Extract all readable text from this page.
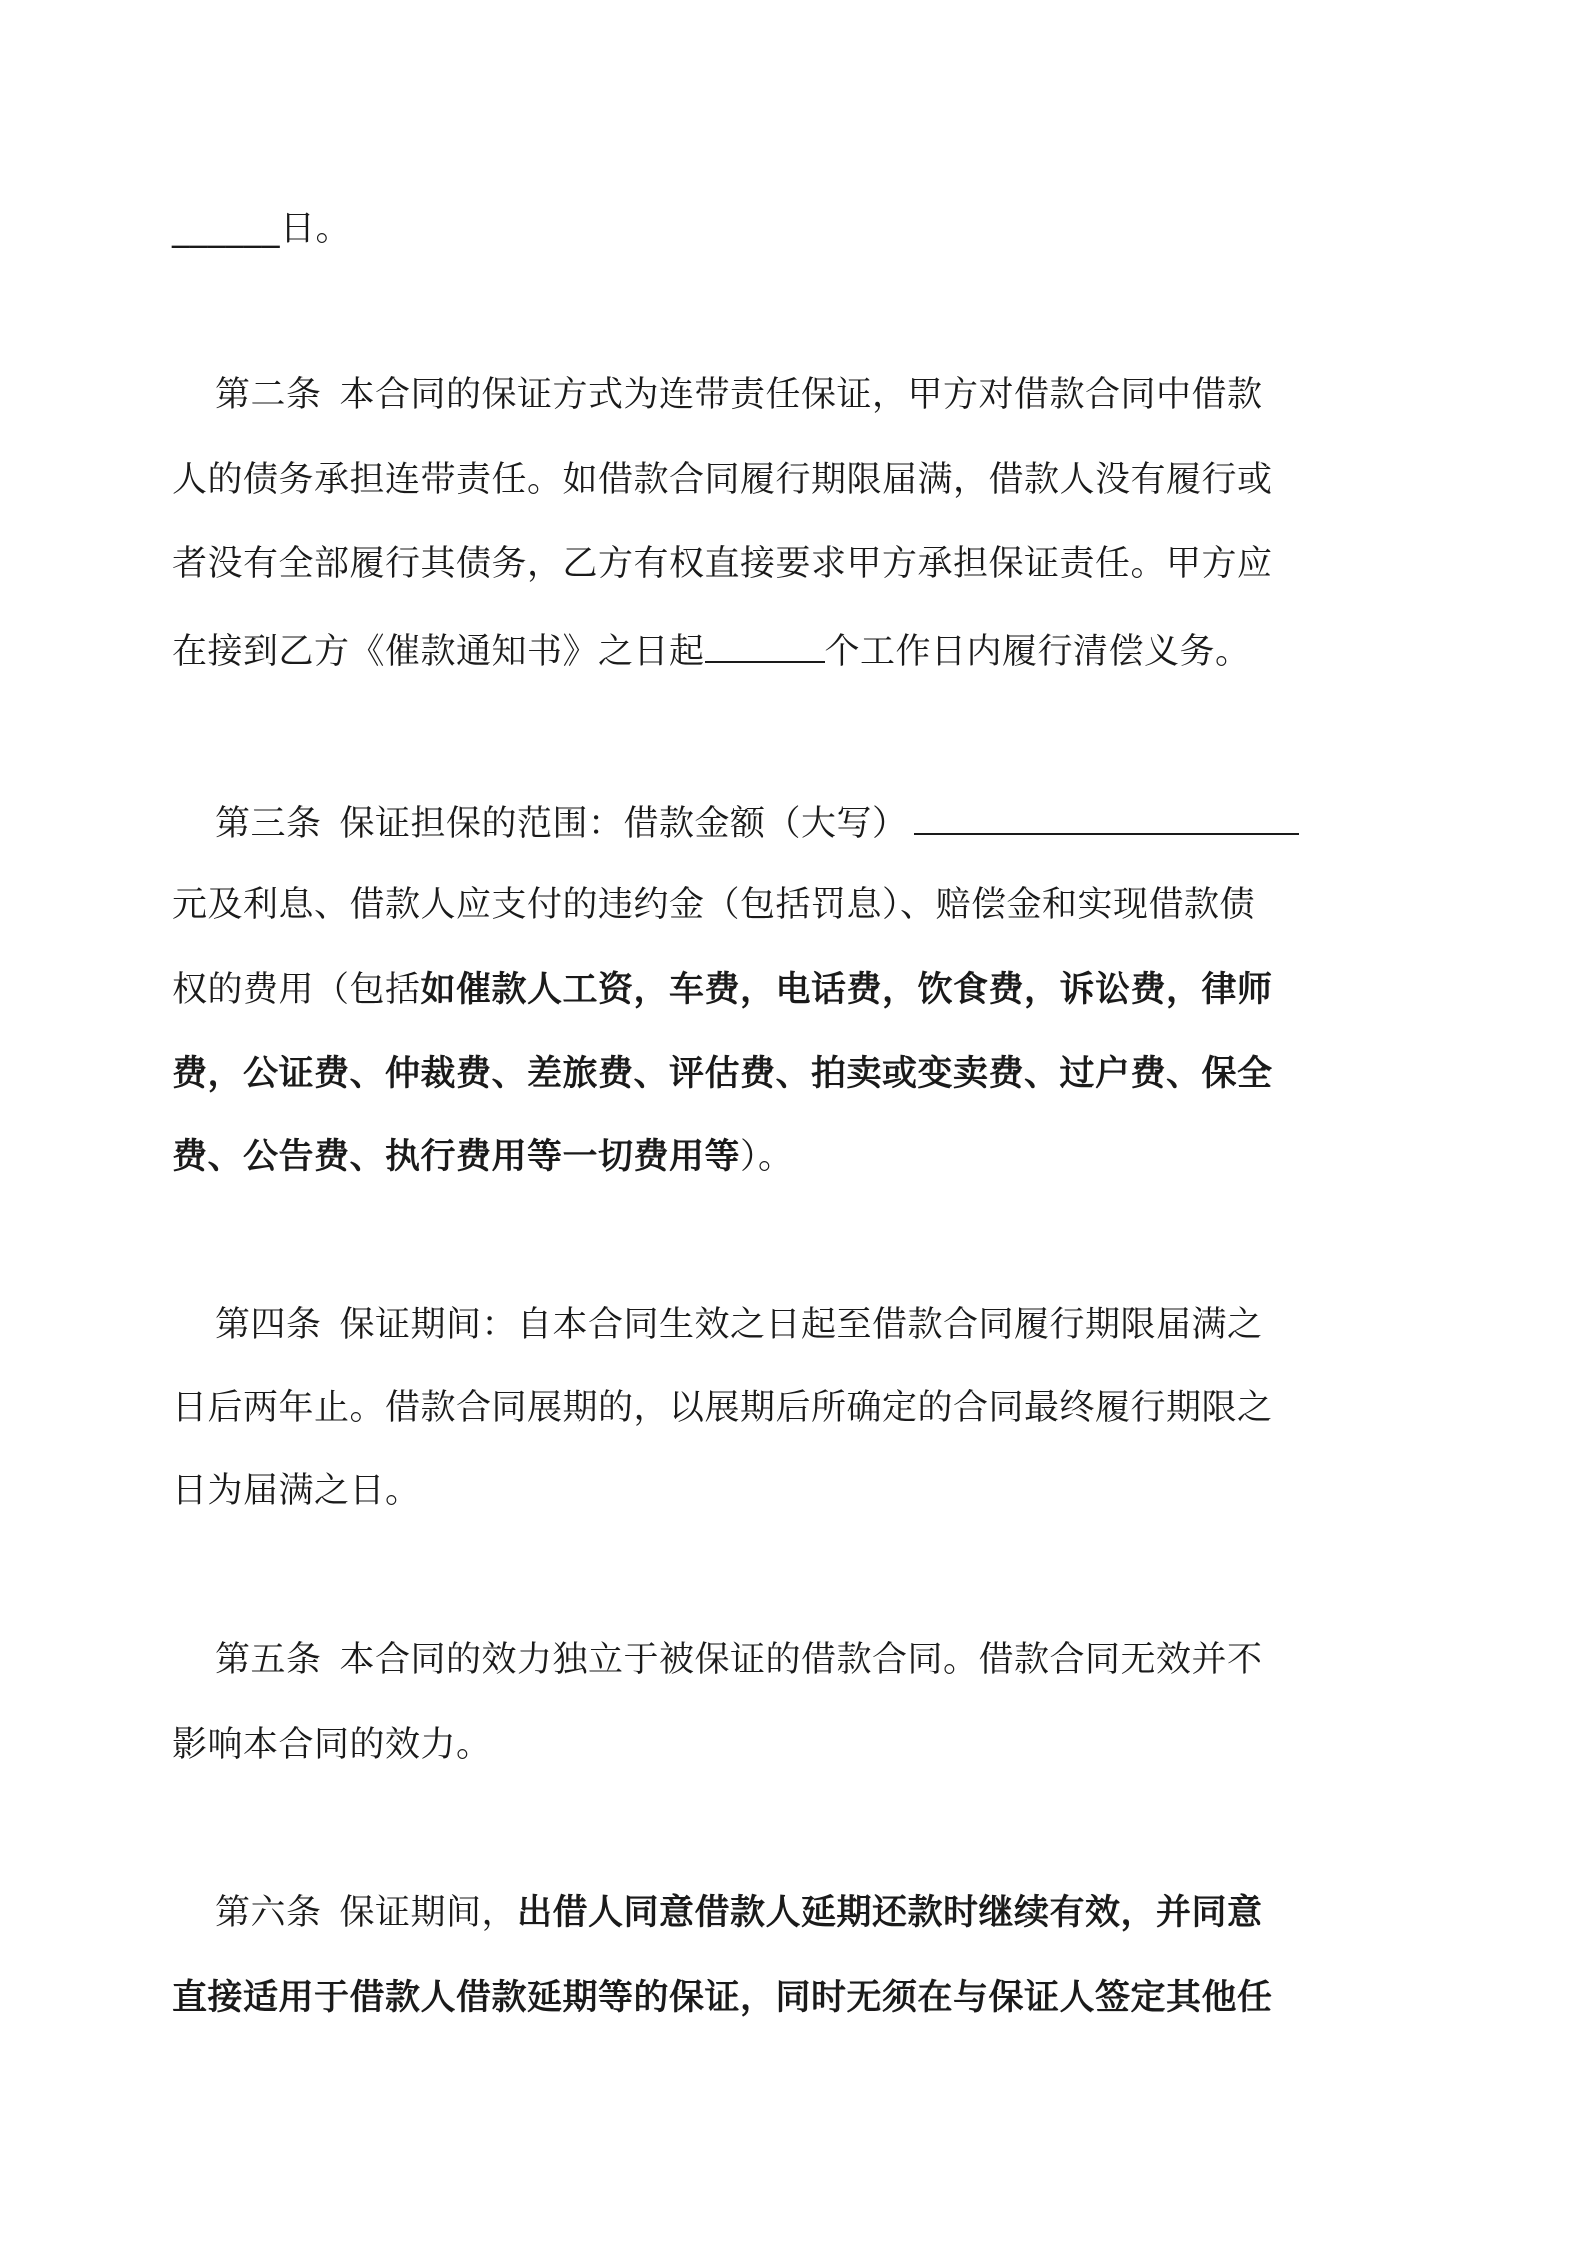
______日。
第二条 本合同的保证方式为连带责任保证，甲方对借款合同中借款
人的债务承担连带责任。如借款合同履行期限届满，借款人没有履行或
者没有全部履行其债务，乙方有权直接要求甲方承担保证责任。甲方应
在接到乙方《催款通知书》之日起	个工作日内履行清偿义务。
第三条 保证担保的范围：借款金额（大写）
元及利息、借款人应支付的违约金（包括罚息）、赔偿金和实现借款债
权的费用（包括如催款人工资，车费，电话费，饮食费，诉讼费，律师
费，公证费、仲裁费、差旅费、评估费、拍卖或变卖费、过户费、保全
费、公告费、执行费用等一切费用等）。
第四条 保证期间：自本合同生效之日起至借款合同履行期限届满之
日后两年止。借款合同展期的，以展期后所确定的合同最终履行期限之
日为届满之日。
第五条 本合同的效力独立于被保证的借款合同。借款合同无效并不
影响本合同的效力。
第六条 保证期间，出借人同意借款人延期还款时继续有效，并同意
直接适用于借款人借款延期等的保证，同时无须在与保证人签定其他任
